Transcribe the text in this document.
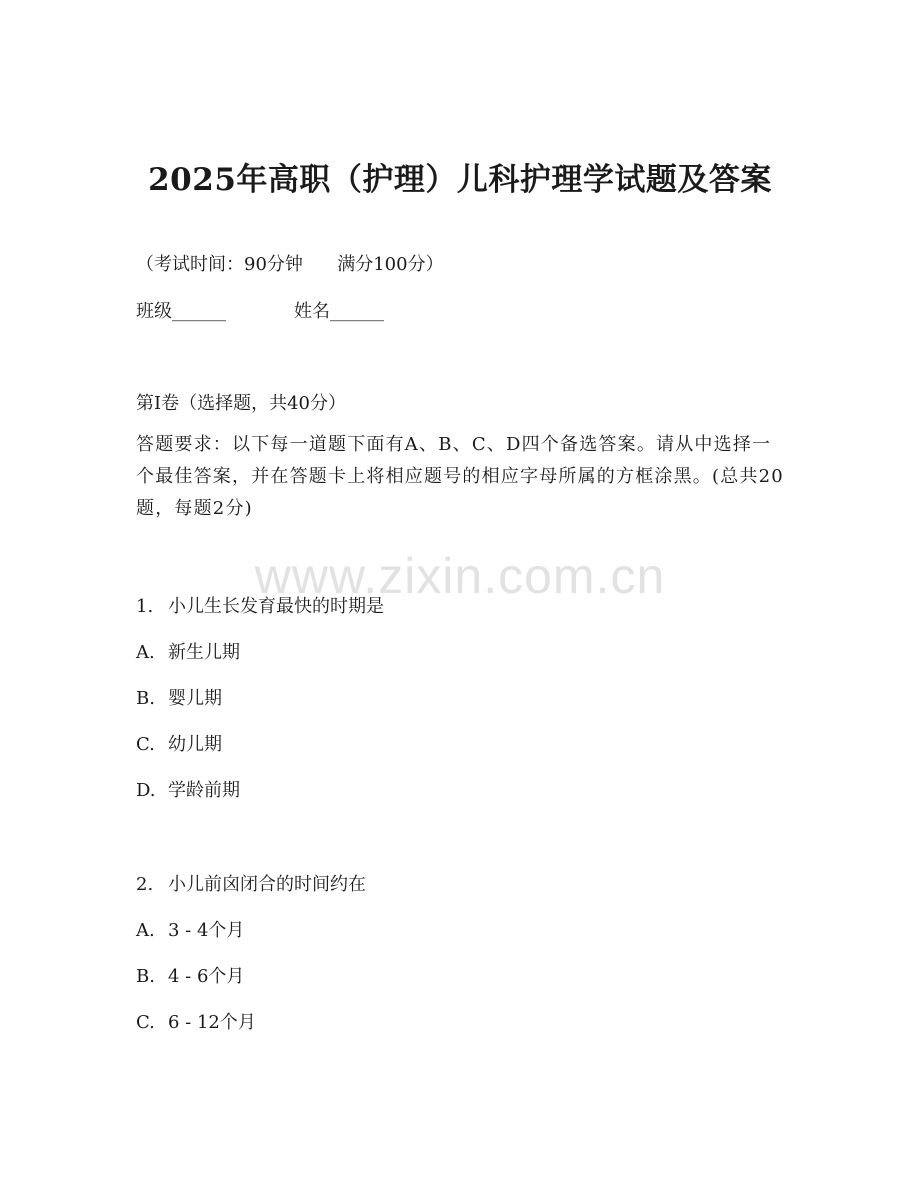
2025年高职（护理）儿科护理学试题及答案
（考试时间：90分钟      满分100分）
班级______	姓名______
第I卷（选择题，共40分）
答题要求：以下每一道题下面有A、B、C、D四个备选答案。请从中选择一个最佳答案，并在答题卡上将相应题号的相应字母所属的方框涂黑。(总共20题，每题2分)
www.zixin.com.cn
1. 小儿生长发育最快的时期是
A. 新生儿期
B. 婴儿期
C. 幼儿期
D. 学龄前期
2. 小儿前囟闭合的时间约在
A. 3 - 4个月
B. 4 - 6个月
C. 6 - 12个月
